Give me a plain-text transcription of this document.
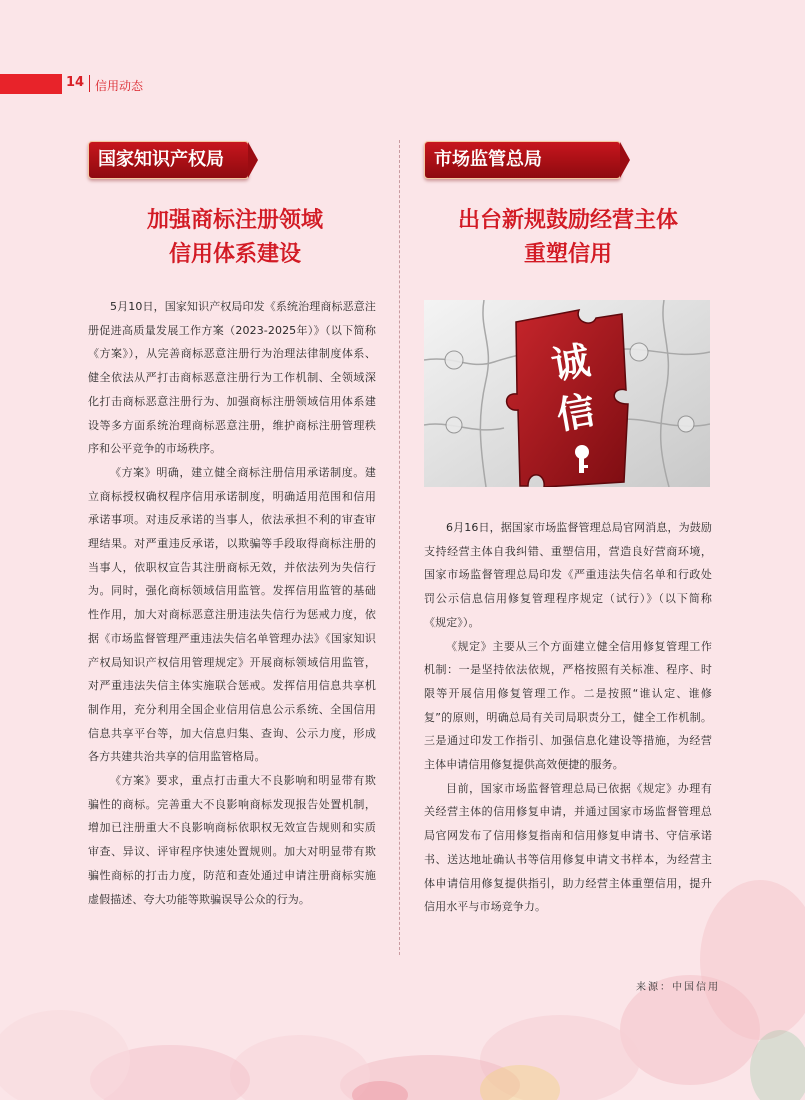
14 信用动态
国家知识产权局
加强商标注册领域
信用体系建设

5月10日，国家知识产权局印发《系统治理商标恶意注册促进高质量发展工作方案（2023-2025年）》（以下简称《方案》），从完善商标恶意注册行为治理法律制度体系、健全依法从严打击商标恶意注册行为工作机制、全领域深化打击商标恶意注册行为、加强商标注册领域信用体系建设等多方面系统治理商标恶意注册，维护商标注册管理秩序和公平竞争的市场秩序。

《方案》明确，建立健全商标注册信用承诺制度。建立商标授权确权程序信用承诺制度，明确适用范围和信用承诺事项。对违反承诺的当事人，依法承担不利的审查审理结果。对严重违反承诺，以欺骗等手段取得商标注册的当事人，依职权宣告其注册商标无效，并依法列为失信行为。同时，强化商标领域信用监管。发挥信用监管的基础性作用，加大对商标恶意注册违法失信行为惩戒力度，依据《市场监督管理严重违法失信名单管理办法》《国家知识产权局知识产权信用管理规定》开展商标领域信用监管，对严重违法失信主体实施联合惩戒。发挥信用信息共享机制作用，充分利用全国企业信用信息公示系统、全国信用信息共享平台等，加大信息归集、查询、公示力度，形成各方共建共治共享的信用监管格局。

《方案》要求，重点打击重大不良影响和明显带有欺骗性的商标。完善重大不良影响商标发现报告处置机制，增加已注册重大不良影响商标依职权无效宣告规则和实质审查、异议、评审程序快速处置规则。加大对明显带有欺骗性商标的打击力度，防范和查处通过申请注册商标实施虚假描述、夸大功能等欺骗误导公众的行为。

市场监管总局
出台新规鼓励经营主体
重塑信用
诚
信

6月16日，据国家市场监督管理总局官网消息，为鼓励支持经营主体自我纠错、重塑信用，营造良好营商环境，国家市场监督管理总局印发《严重违法失信名单和行政处罚公示信息信用修复管理程序规定（试行）》（以下简称《规定》）。

《规定》主要从三个方面建立健全信用修复管理工作机制：一是坚持依法依规，严格按照有关标准、程序、时限等开展信用修复管理工作。二是按照“谁认定、谁修复”的原则，明确总局有关司局职责分工，健全工作机制。三是通过印发工作指引、加强信息化建设等措施，为经营主体申请信用修复提供高效便捷的服务。

目前，国家市场监督管理总局已依据《规定》办理有关经营主体的信用修复申请，并通过国家市场监督管理总局官网发布了信用修复指南和信用修复申请书、守信承诺书、送达地址确认书等信用修复申请文书样本，为经营主体申请信用修复提供指引，助力经营主体重塑信用，提升信用水平与市场竞争力。

来源：中国信用
